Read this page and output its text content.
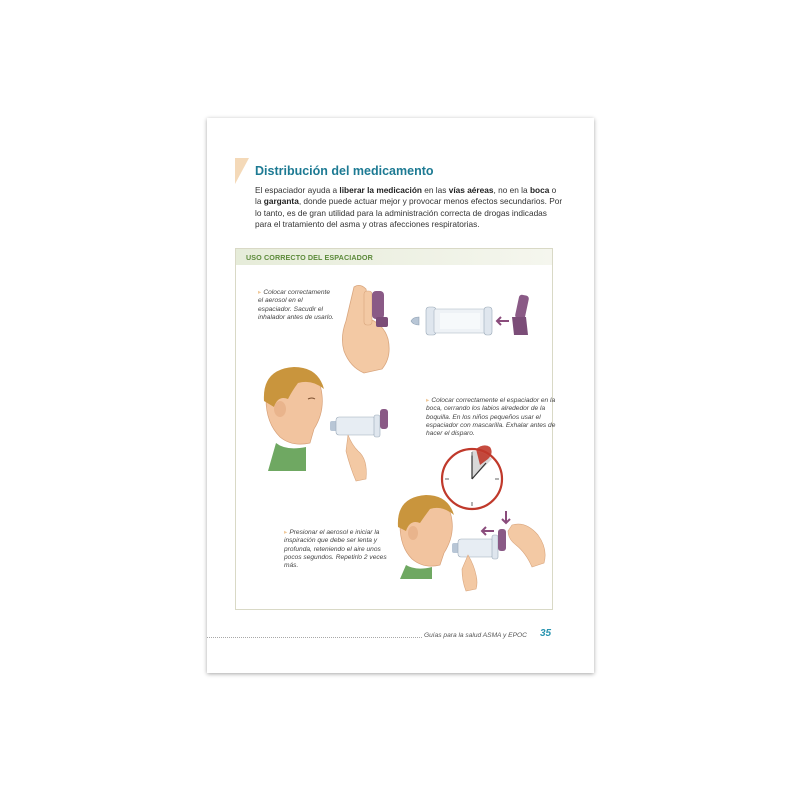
Distribución del medicamento
El espaciador ayuda a liberar la medicación en las vías aéreas, no en la boca o la garganta, donde puede actuar mejor y provocar menos efectos secundarios. Por lo tanto, es de gran utilidad para la administración correcta de drogas indicadas para el tratamiento del asma y otras afecciones respiratorias.
USO CORRECTO DEL ESPACIADOR
▸ Colocar correctamente el aerosol en el espaciador. Sacudir el inhalador antes de usarlo.
▸ Colocar correctamente el espaciador en la boca, cerrando los labios alrededor de la boquilla. En los niños pequeños usar el espaciador con mascarilla. Exhalar antes de hacer el disparo.
▸ Presionar el aerosol e iniciar la inspiración que debe ser lenta y profunda, reteniendo el aire unos pocos segundos. Repetirlo 2 veces más.
Guías para la salud ASMA y EPOC 35
